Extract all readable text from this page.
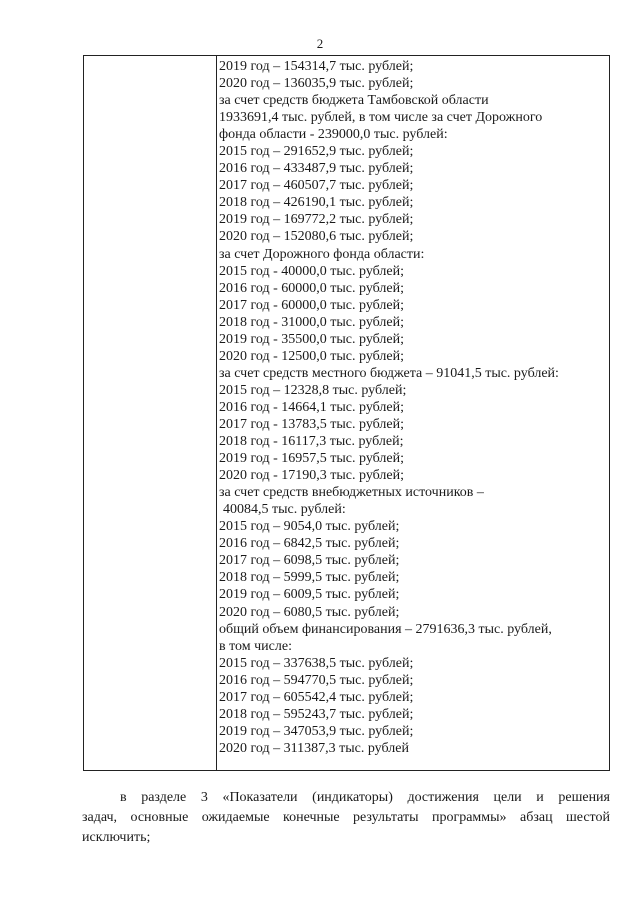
2
2019 год – 154314,7 тыс. рублей;
2020 год – 136035,9 тыс. рублей;
за счет средств бюджета Тамбовской области
1933691,4 тыс. рублей, в том числе за счет Дорожного
фонда области - 239000,0 тыс. рублей:
2015 год – 291652,9 тыс. рублей;
2016 год – 433487,9 тыс. рублей;
2017 год – 460507,7 тыс. рублей;
2018 год – 426190,1 тыс. рублей;
2019 год – 169772,2 тыс. рублей;
2020 год – 152080,6 тыс. рублей;
за счет Дорожного фонда области:
2015 год - 40000,0 тыс. рублей;
2016 год - 60000,0 тыс. рублей;
2017 год - 60000,0 тыс. рублей;
2018 год - 31000,0 тыс. рублей;
2019 год - 35500,0 тыс. рублей;
2020 год - 12500,0 тыс. рублей;
за счет средств местного бюджета – 91041,5 тыс. рублей:
2015 год – 12328,8 тыс. рублей;
2016 год - 14664,1 тыс. рублей;
2017 год - 13783,5 тыс. рублей;
2018 год - 16117,3 тыс. рублей;
2019 год - 16957,5 тыс. рублей;
2020 год - 17190,3 тыс. рублей;
за счет средств внебюджетных источников –
40084,5 тыс. рублей:
2015 год – 9054,0 тыс. рублей;
2016 год – 6842,5 тыс. рублей;
2017 год – 6098,5 тыс. рублей;
2018 год – 5999,5 тыс. рублей;
2019 год – 6009,5 тыс. рублей;
2020 год – 6080,5 тыс. рублей;
общий объем финансирования – 2791636,3 тыс. рублей,
в том числе:
2015 год – 337638,5 тыс. рублей;
2016 год – 594770,5 тыс. рублей;
2017 год – 605542,4 тыс. рублей;
2018 год – 595243,7 тыс. рублей;
2019 год – 347053,9 тыс. рублей;
2020 год – 311387,3 тыс. рублей
в разделе 3 «Показатели (индикаторы) достижения цели и решения
задач, основные ожидаемые конечные результаты программы» абзац шестой
исключить;
